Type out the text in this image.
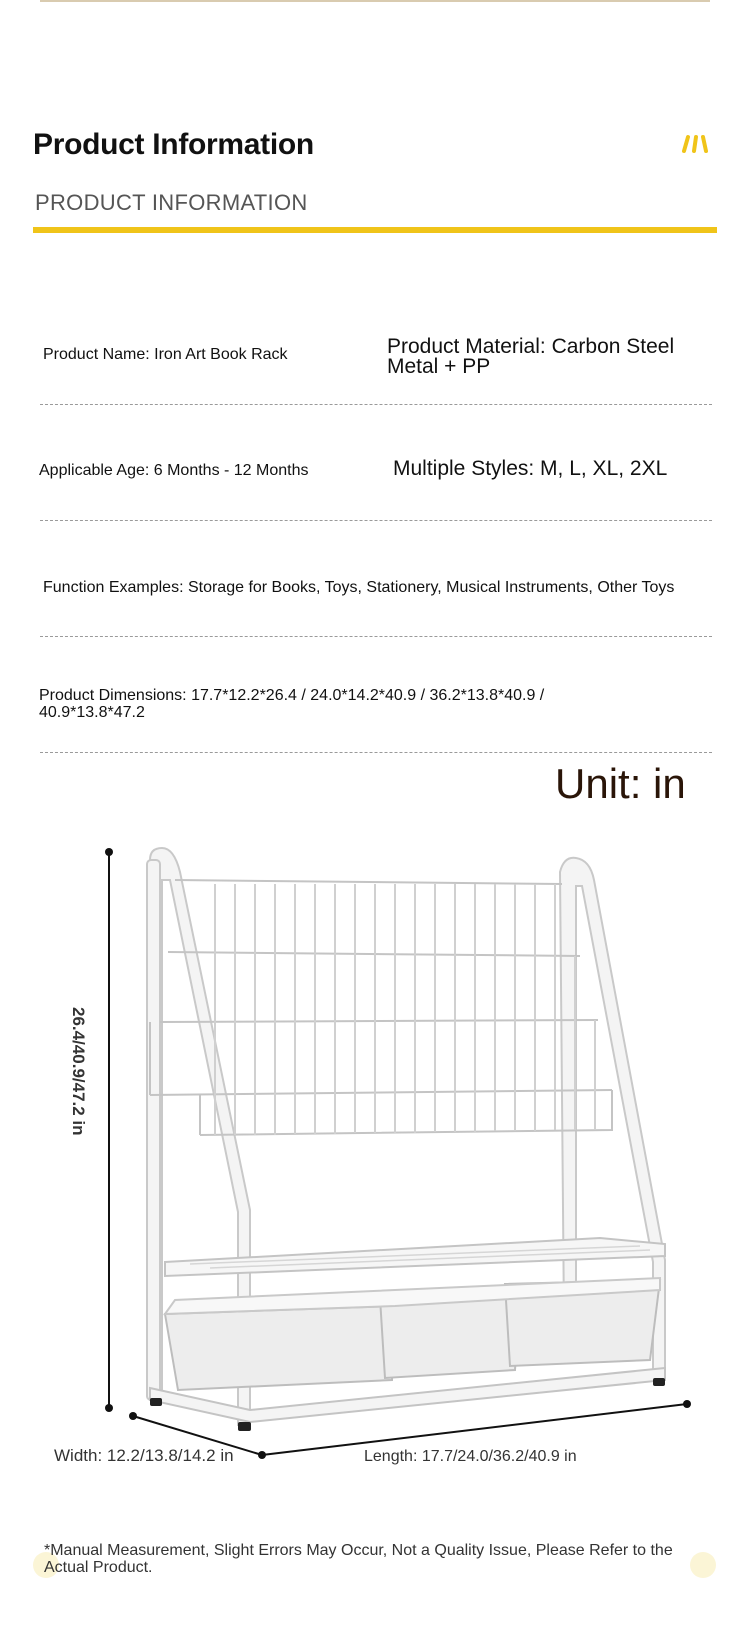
Product Information
PRODUCT INFORMATION
Product Name: Iron Art Book Rack	Product Material: Carbon Steel Metal + PP
Applicable Age: 6 Months - 12 Months	Multiple Styles: M, L, XL, 2XL
Function Examples: Storage for Books, Toys, Stationery, Musical Instruments, Other Toys
Product Dimensions: 17.7*12.2*26.4 / 24.0*14.2*40.9 / 36.2*13.8*40.9 / 40.9*13.8*47.2
Unit: in
26.4/40.9/47.2 in
Width: 12.2/13.8/14.2 in	Length: 17.7/24.0/36.2/40.9 in
*Manual Measurement, Slight Errors May Occur, Not a Quality Issue, Please Refer to the Actual Product.
